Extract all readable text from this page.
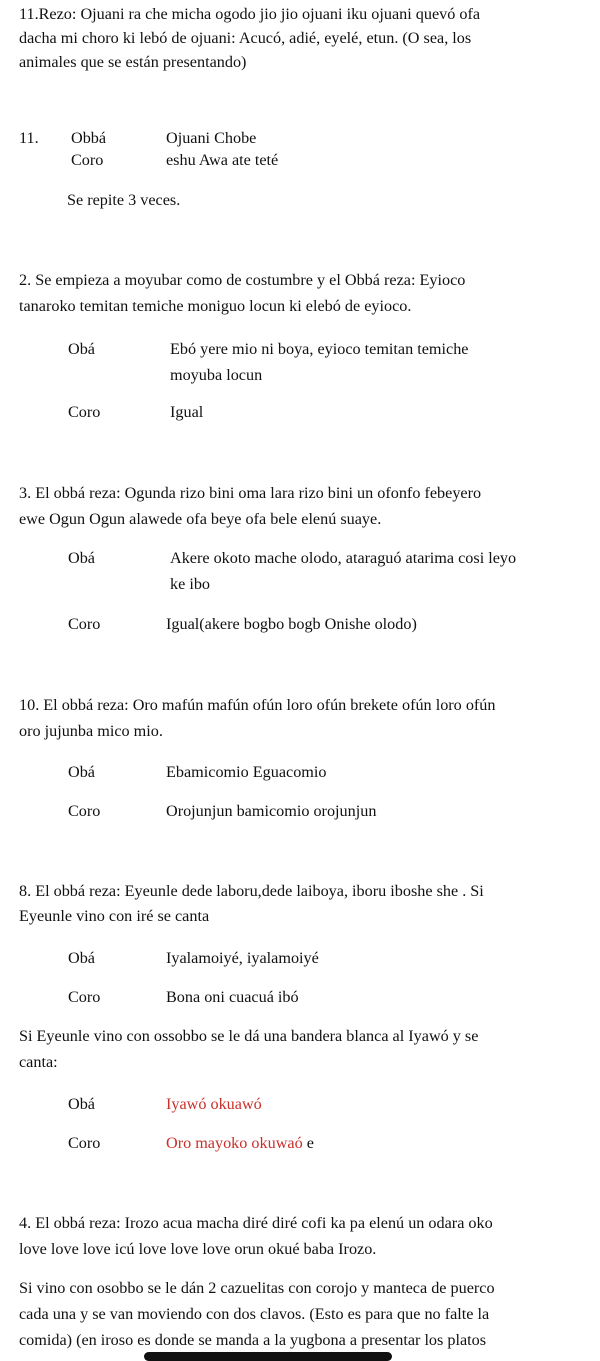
11.Rezo: Ojuani ra che micha ogodo jio jio ojuani iku ojuani quevó ofa
dacha mi choro ki lebó de ojuani: Acucó, adié, eyelé, etun. (O sea, los
animales que se están presentando)
11. Obbá	Ojuani Chobe
Coro	eshu Awa ate teté
Se repite 3 veces.
2. Se empieza a moyubar como de costumbre y el Obbá reza: Eyioco
tanaroko temitan temiche moniguo locun ki elebó de eyioco.
Obá	Ebó yere mio ni boya, eyioco temitan temiche
moyuba locun
Coro	Igual
3. El obbá reza: Ogunda rizo bini oma lara rizo bini un ofonfo febeyero
ewe Ogun Ogun alawede ofa beye ofa bele elenú suaye.
Obá	Akere okoto mache olodo, ataraguó atarima cosi leyo
ke ibo
Coro	Igual(akere bogbo bogb Onishe olodo)
10. El obbá reza: Oro mafún mafún ofún loro ofún brekete ofún loro ofún
oro jujunba mico mio.
Obá	Ebamicomio Eguacomio
Coro	Orojunjun bamicomio orojunjun
8. El obbá reza: Eyeunle dede laboru,dede laiboya, iboru iboshe she . Si
Eyeunle vino con iré se canta
Obá	Iyalamoiyé, iyalamoiyé
Coro	Bona oni cuacuá ibó
Si Eyeunle vino con ossobbo se le dá una bandera blanca al Iyawó y se
canta:
Obá	Iyawó okuawó
Coro	Oro mayoko okuwaó e
4. El obbá reza: Irozo acua macha diré diré cofi ka pa elenú un odara oko
love love love icú love love love orun okué baba Irozo.
Si vino con osobbo se le dán 2 cazuelitas con corojo y manteca de puerco
cada una y se van moviendo con dos clavos. (Esto es para que no falte la
comida) (en iroso es donde se manda a la yugbona a presentar los platos
